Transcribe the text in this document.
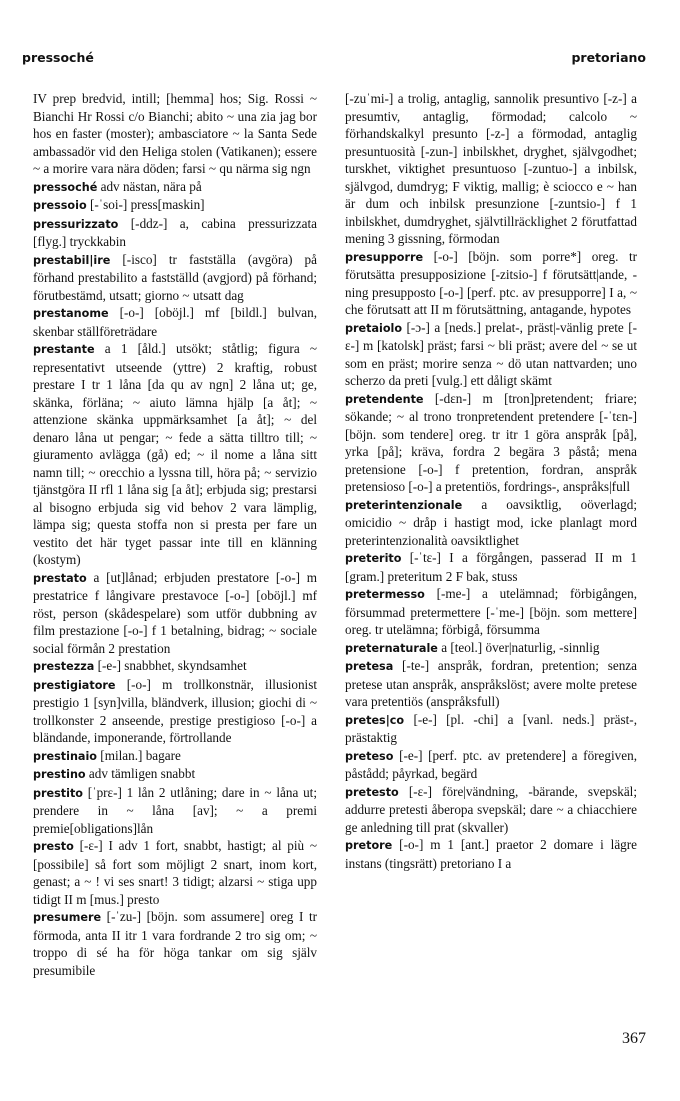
pressoché	pretoriano

IV prep bredvid, intill; [hemma] hos; Sig. Rossi ~ Bianchi Hr Rossi c/o Bianchi; abito ~ una zia jag bor hos en faster (moster); ambasciatore ~ la Santa Sede ambassadör vid den Heliga stolen (Vatikanen); essere ~ a morire vara nära döden; farsi ~ qu närma sig ngn

pressoché adv nästan, nära på

pressoio [-ˈsoi-] press[maskin]

pressurizzato [-ddz-] a, cabina pressurizzata [flyg.] tryckkabin

prestabil|ire [-isco] tr fastställa (avgöra) på förhand prestabilito a fastställd (avgjord) på förhand; förutbestämd, utsatt; giorno ~ utsatt dag

prestanome [-o-] [oböjl.] mf [bildl.] bulvan, skenbar ställföreträdare

prestante a 1 [åld.] utsökt; ståtlig; figura ~ representativt utseende (yttre) 2 kraftig, robust prestare I tr 1 låna [da qu av ngn] 2 låna ut; ge, skänka, förläna; ~ aiuto lämna hjälp [a åt]; ~ attenzione skänka uppmärksamhet [a åt]; ~ del denaro låna ut pengar; ~ fede a sätta tilltro till; ~ giuramento avlägga (gå) ed; ~ il nome a låna sitt namn till; ~ orecchio a lyssna till, höra på; ~ servizio tjänstgöra II rfl 1 låna sig [a åt]; erbjuda sig; prestarsi al bisogno erbjuda sig vid behov 2 vara lämplig, lämpa sig; questa stoffa non si presta per fare un vestito det här tyget passar inte till en klänning (kostym)

prestato a [ut]lånad; erbjuden prestatore [-o-] m prestatrice f långivare prestavoce [-o-] [oböjl.] mf röst, person (skådespelare) som utför dubbning av film prestazione [-o-] f 1 betalning, bidrag; ~ sociale social förmån 2 prestation

prestezza [-e-] snabbhet, skyndsamhet

prestigiatore [-o-] m trollkonstnär, illusionist prestigio 1 [syn]villa, bländverk, illusion; giochi di ~ trollkonster 2 anseende, prestige prestigioso [-o-] a bländande, imponerande, förtrollande

prestinaio [milan.] bagare

prestino adv tämligen snabbt

prestito [ˈprɛ-] 1 lån 2 utlåning; dare in ~ låna ut; prendere in ~ låna [av]; ~ a premi premie[obligations]lån

presto [-ɛ-] I adv 1 fort, snabbt, hastigt; al più ~ [possibile] så fort som möjligt 2 snart, inom kort, genast; a ~ ! vi ses snart! 3 tidigt; alzarsi ~ stiga upp tidigt II m [mus.] presto

presumere [-ˈzu-] [böjn. som assumere] oreg I tr förmoda, anta II itr 1 vara fordrande 2 tro sig om; ~ troppo di sé ha för höga tankar om sig själv presumibile

[-zuˈmi-] a trolig, antaglig, sannolik presuntivo [-z-] a presumtiv, antaglig, förmodad; calcolo ~ förhandskalkyl presunto [-z-] a förmodad, antaglig presuntuosità [-zun-] inbilskhet, dryghet, självgodhet; turskhet, viktighet presuntuoso [-zuntuo-] a inbilsk, självgod, dumdryg; F viktig, mallig; è sciocco e ~ han är dum och inbilsk presunzione [-zuntsio-] f 1 inbilskhet, dumdryghet, självtillräcklighet 2 förutfattad mening 3 gissning, förmodan

presupporre [-o-] [böjn. som porre*] oreg. tr förutsätta presupposizione [-zitsio-] f förutsätt|ande, -ning presupposto [-o-] [perf. ptc. av presupporre] I a, ~ che förutsatt att II m förutsättning, antagande, hypotes

pretaiolo [-ɔ-] a [neds.] prelat-, präst|-vänlig prete [-ɛ-] m [katolsk] präst; farsi ~ bli präst; avere del ~ se ut som en präst; morire senza ~ dö utan nattvarden; uno scherzo da preti [vulg.] ett dåligt skämt

pretendente [-dɛn-] m [tron]pretendent; friare; sökande; ~ al trono tronpretendent pretendere [-ˈtɛn-] [böjn. som tendere] oreg. tr itr 1 göra anspråk [på], yrka [på]; kräva, fordra 2 begära 3 påstå; mena pretensione [-o-] f pretention, fordran, anspråk pretensioso [-o-] a pretentiös, fordrings-, anspråks|full

preterintenzionale a oavsiktlig, oöverlagd; omicidio ~ dråp i hastigt mod, icke planlagt mord preterintenzionalità oavsiktlighet

preterito [-ˈtɛ-] I a förgången, passerad II m 1 [gram.] preteritum 2 F bak, stuss

pretermesso [-me-] a utelämnad; förbigången, försummad pretermettere [-ˈme-] [böjn. som mettere] oreg. tr utelämna; förbigå, försumma

preternaturale a [teol.] över|naturlig, -sinnlig

pretesa [-te-] anspråk, fordran, pretention; senza pretese utan anspråk, anspråkslöst; avere molte pretese vara pretentiös (anspråksfull)

pretes|co [-e-] [pl. -chi] a [vanl. neds.] präst-, prästaktig

preteso [-e-] [perf. ptc. av pretendere] a föregiven, påstådd; påyrkad, begärd

pretesto [-ɛ-] före|vändning, -bärande, svepskäl; addurre pretesti åberopa svepskäl; dare ~ a chiacchiere ge anledning till prat (skvaller)

pretore [-o-] m 1 [ant.] praetor 2 domare i lägre instans (tingsrätt) pretoriano I a

367
